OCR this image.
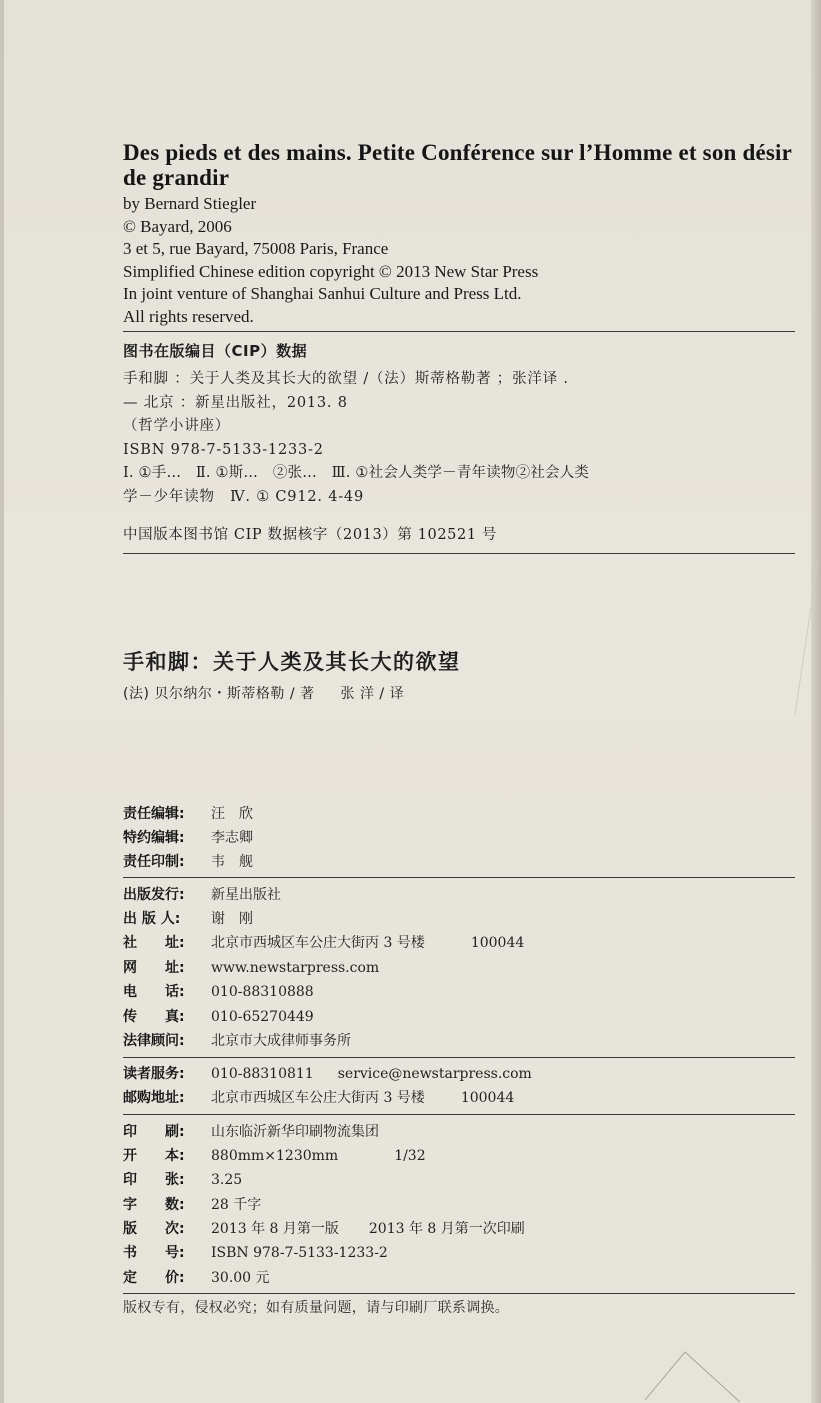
Des pieds et des mains. Petite Conférence sur l’Homme et son désir de grandir
by Bernard Stiegler
© Bayard, 2006
3 et 5, rue Bayard, 75008 Paris, France
Simplified Chinese edition copyright © 2013 New Star Press
In joint venture of Shanghai Sanhui Culture and Press Ltd.
All rights reserved.
图书在版编目（CIP）数据
手和脚 ：关于人类及其长大的欲望 /（法）斯蒂格勒著 ；张洋译 .
— 北京 ：新星出版社，2013. 8
（哲学小讲座）
ISBN 978-7-5133-1233-2
Ⅰ. ①手…　Ⅱ. ①斯…　②张…　Ⅲ. ①社会人类学－青年读物②社会人类
学－少年读物　Ⅳ. ① C912. 4-49
中国版本图书馆 CIP 数据核字（2013）第 102521 号
手和脚：关于人类及其长大的欲望
(法) 贝尔纳尔・斯蒂格勒 / 著 张 洋 / 译
责任编辑: 汪　欣
特约编辑: 李志卿
责任印制: 韦　舰
出版发行: 新星出版社
出 版 人: 谢　刚
社　　址: 北京市西城区车公庄大街丙 3 号楼	100044
网　　址: www.newstarpress.com
电　　话: 010-88310888
传　　真: 010-65270449
法律顾问: 北京市大成律师事务所
读者服务: 010-88310811 service@newstarpress.com
邮购地址: 北京市西城区车公庄大街丙 3 号楼	100044
印　　刷: 山东临沂新华印刷物流集团
开　　本: 880mm×1230mm	1/32
印　　张: 3.25
字　　数: 28 千字
版　　次: 2013 年 8 月第一版 2013 年 8 月第一次印刷
书　　号: ISBN 978-7-5133-1233-2
定　　价: 30.00 元
版权专有，侵权必究；如有质量问题，请与印刷厂联系调换。
